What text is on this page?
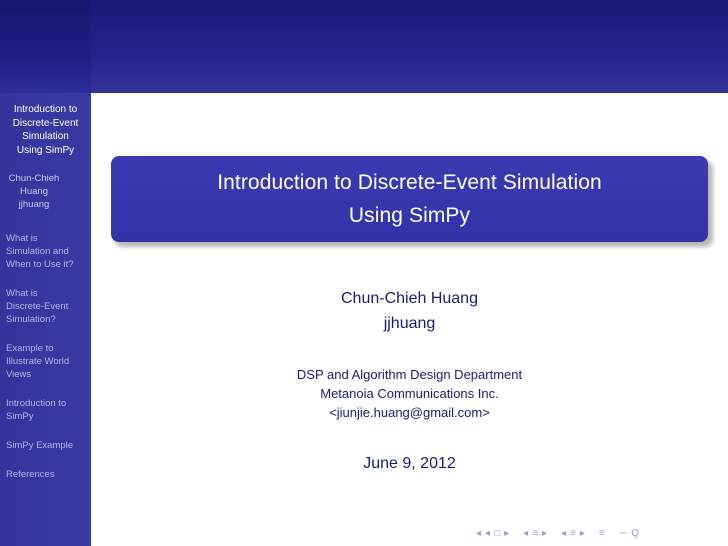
Introduction to
Discrete-Event
Simulation
Using SimPy
Chun-Chieh
Huang
jjhuang
What is
Simulation and
When to Use it?
What is
Discrete-Event
Simulation?
Example to
Illustrate World
Views
Introduction to
SimPy
SimPy Example
References
Introduction to Discrete-Event Simulation
Using SimPy
Chun-Chieh Huang
jjhuang
DSP and Algorithm Design Department
Metanoia Communications Inc.
<jiunjie.huang@gmail.com>
June 9, 2012
◂ ◂ □ ▸ ◂ ≡ ▸ ◂ ≡ ▸ ≡ ∽ Q
